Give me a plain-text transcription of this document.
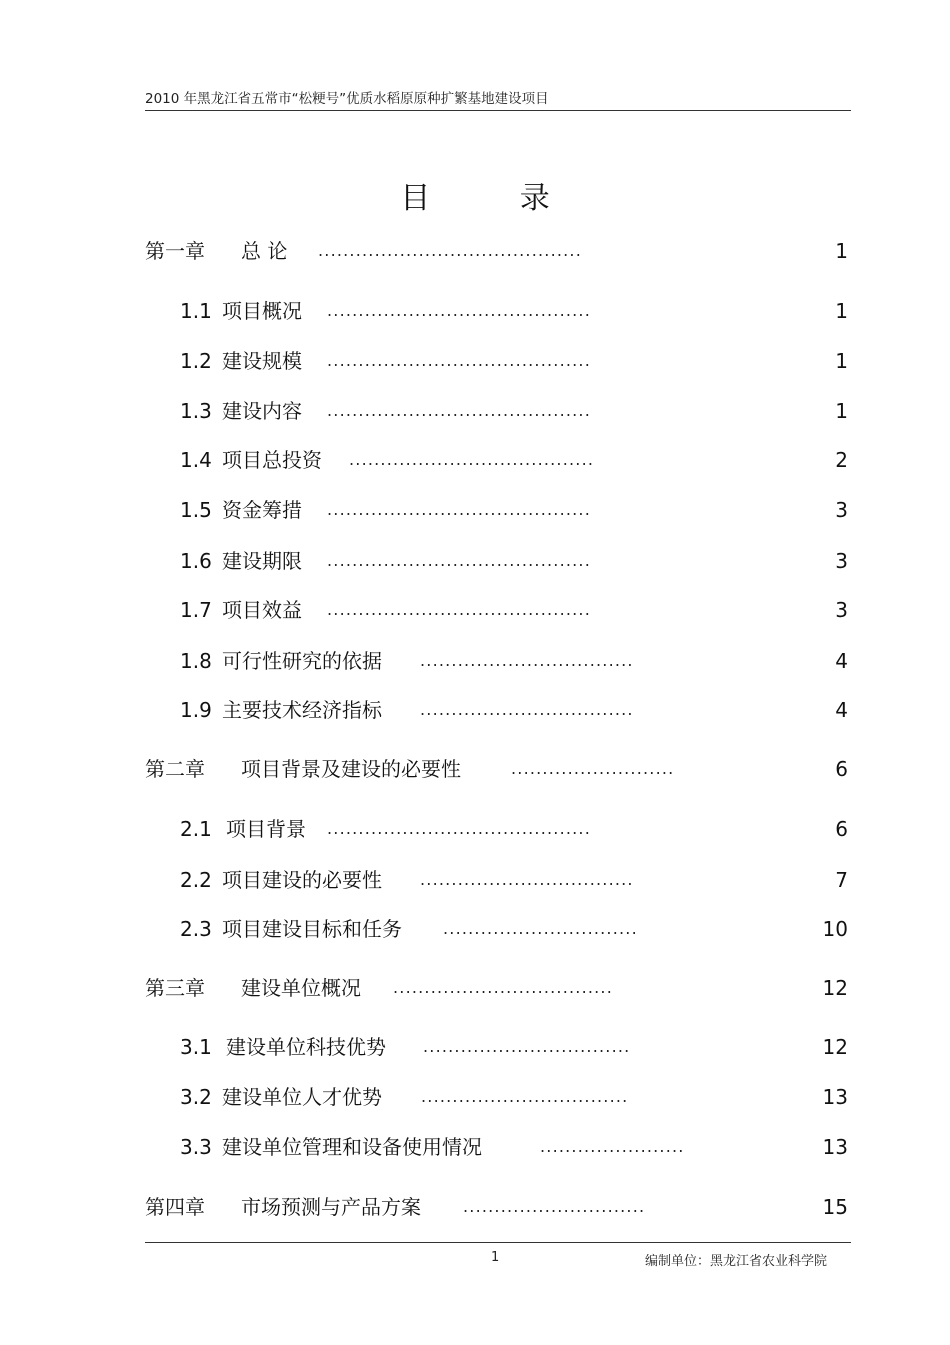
2010 年黑龙江省五常市“松粳号”优质水稻原原种扩繁基地建设项目
目 录
第一章 总 论 ..........................................	1
1.1 项目概况 ..........................................	1
1.2 建设规模 ..........................................	1
1.3 建设内容 ..........................................	1
1.4 项目总投资 .......................................	2
1.5 资金筹措 ..........................................	3
1.6 建设期限 ..........................................	3
1.7 项目效益 ..........................................	3
1.8 可行性研究的依据 ..................................	4
1.9 主要技术经济指标 ..................................	4
第二章 项目背景及建设的必要性	..........................	6
2.1 项目背景 ..........................................	6
2.2 项目建设的必要性 ..................................	7
2.3 项目建设目标和任务	...............................	10
第三章 建设单位概况 ...................................	12
3.1 建设单位科技优势 .................................	12
3.2 建设单位人才优势 .................................	13
3.3 建设单位管理和设备使用情况	.......................	13
第四章 市场预测与产品方案	.............................	15
1	编制单位：黑龙江省农业科学院
